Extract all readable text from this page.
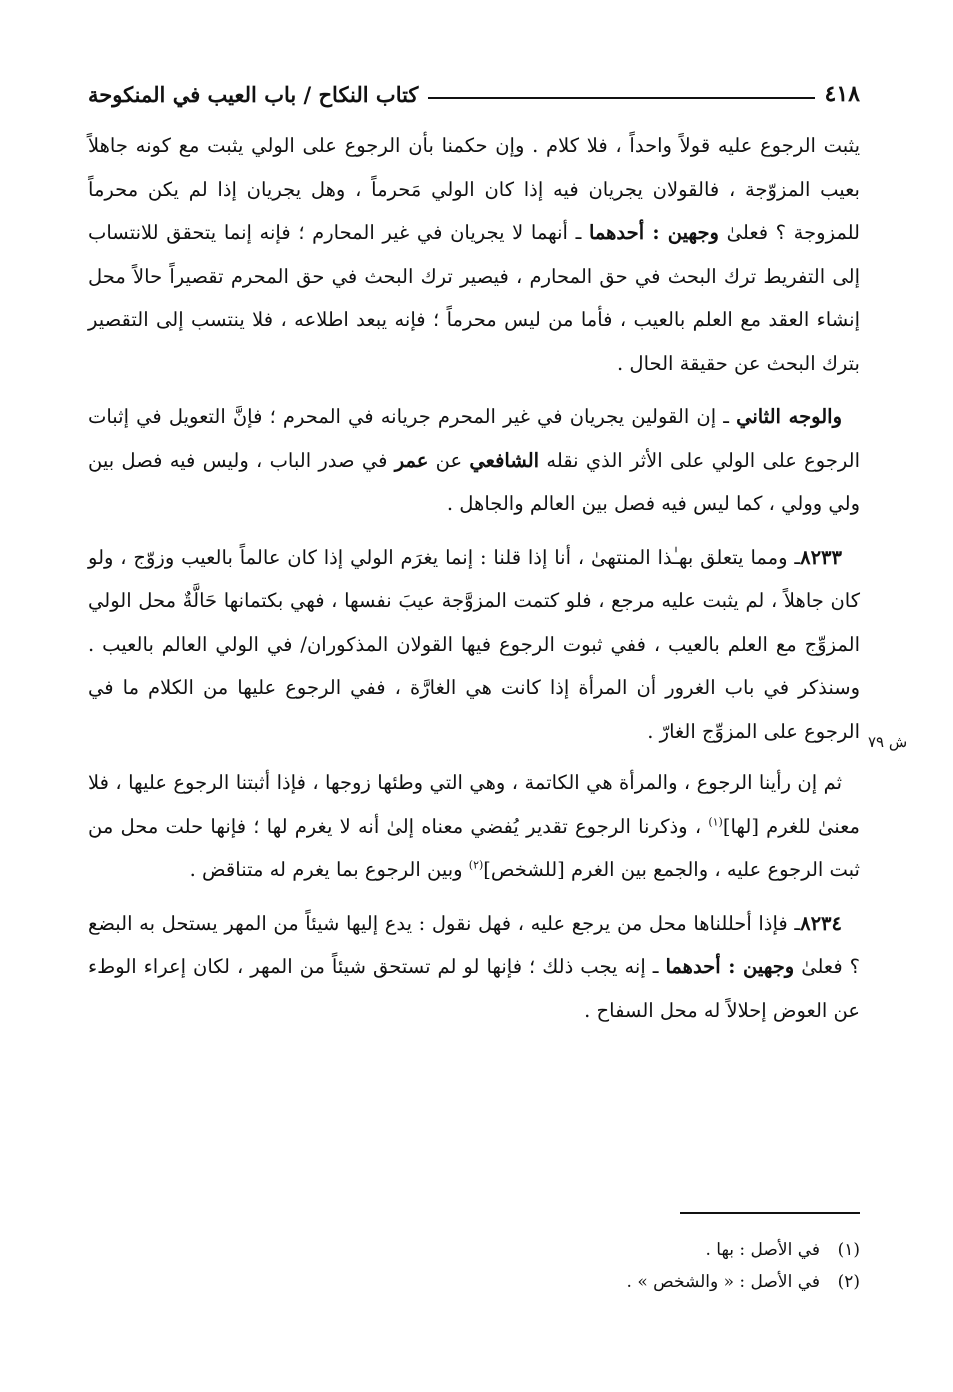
٤١٨
كتاب النكاح / باب العيب في المنكوحة

يثبت الرجوع عليه قولاً واحداً ، فلا كلام . وإن حكمنا بأن الرجوع على الولي يثبت مع كونه جاهلاً بعيب المزوّجة ، فالقولان يجريان فيه إذا كان الولي مَحرماً ، وهل يجريان إذا لم يكن محرماً للمزوجة ؟ فعلىٰ وجهين : أحدهما ـ أنهما لا يجريان في غير المحارم ؛ فإنه إنما يتحقق للانتساب إلى التفريط ترك البحث في حق المحارم ، فيصير ترك البحث في حق المحرم تقصيراً حالاً محل إنشاء العقد مع العلم بالعيب ، فأما من ليس محرماً ؛ فإنه يبعد اطلاعه ، فلا ينتسب إلى التقصير بترك البحث عن حقيقة الحال .

والوجه الثاني ـ إن القولين يجريان في غير المحرم جريانه في المحرم ؛ فإنَّ التعويل في إثبات الرجوع على الولي على الأثر الذي نقله الشافعي عن عمر في صدر الباب ، وليس فيه فصل بين ولي وولي ، كما ليس فيه فصل بين العالم والجاهل .

٨٢٣٣ـ ومما يتعلق بهـٰذا المنتهىٰ ، أنا إذا قلنا : إنما يغرَم الولي إذا كان عالماً بالعيب وزوّج ، ولو كان جاهلاً ، لم يثبت عليه مرجع ، فلو كتمت المزوَّجة عيبَ نفسها ، فهي بكتمانها حَالَّةٌ محل الولي المزوِّج مع العلم بالعيب ، ففي ثبوت الرجوع فيها القولان المذكوران/ في الولي العالم بالعيب . وسنذكر في باب الغرور أن المرأة إذا كانت هي الغارَّة ، ففي الرجوع عليها من الكلام ما في الرجوع على المزوِّج الغارّ .

ثم إن رأينا الرجوع ، والمرأة هي الكاتمة ، وهي التي وطئها زوجها ، فإذا أثبتنا الرجوع عليها ، فلا معنىٰ للغرم [لها]$^{(١)}$ ، وذكرنا الرجوع تقدير يُفضي معناه إلىٰ أنه لا يغرم لها ؛ فإنها حلت محل من ثبت الرجوع عليه ، والجمع بين الغرم [للشخص]$^{(٢)}$ وبين الرجوع بما يغرم له متناقض .

٨٢٣٤ـ فإذا أحللناها محل من يرجع عليه ، فهل نقول : يدع إليها شيئاً من المهر يستحل به البضع ؟ فعلىٰ وجهين : أحدهما ـ إنه يجب ذلك ؛ فإنها لو لم تستحق شيئاً من المهر ، لكان إعراء الوطء عن العوض إحلالاً له محل السفاح .

ش ٧٩
(١)
في الأصل : بها .
(٢)
في الأصل : « والشخص » .
